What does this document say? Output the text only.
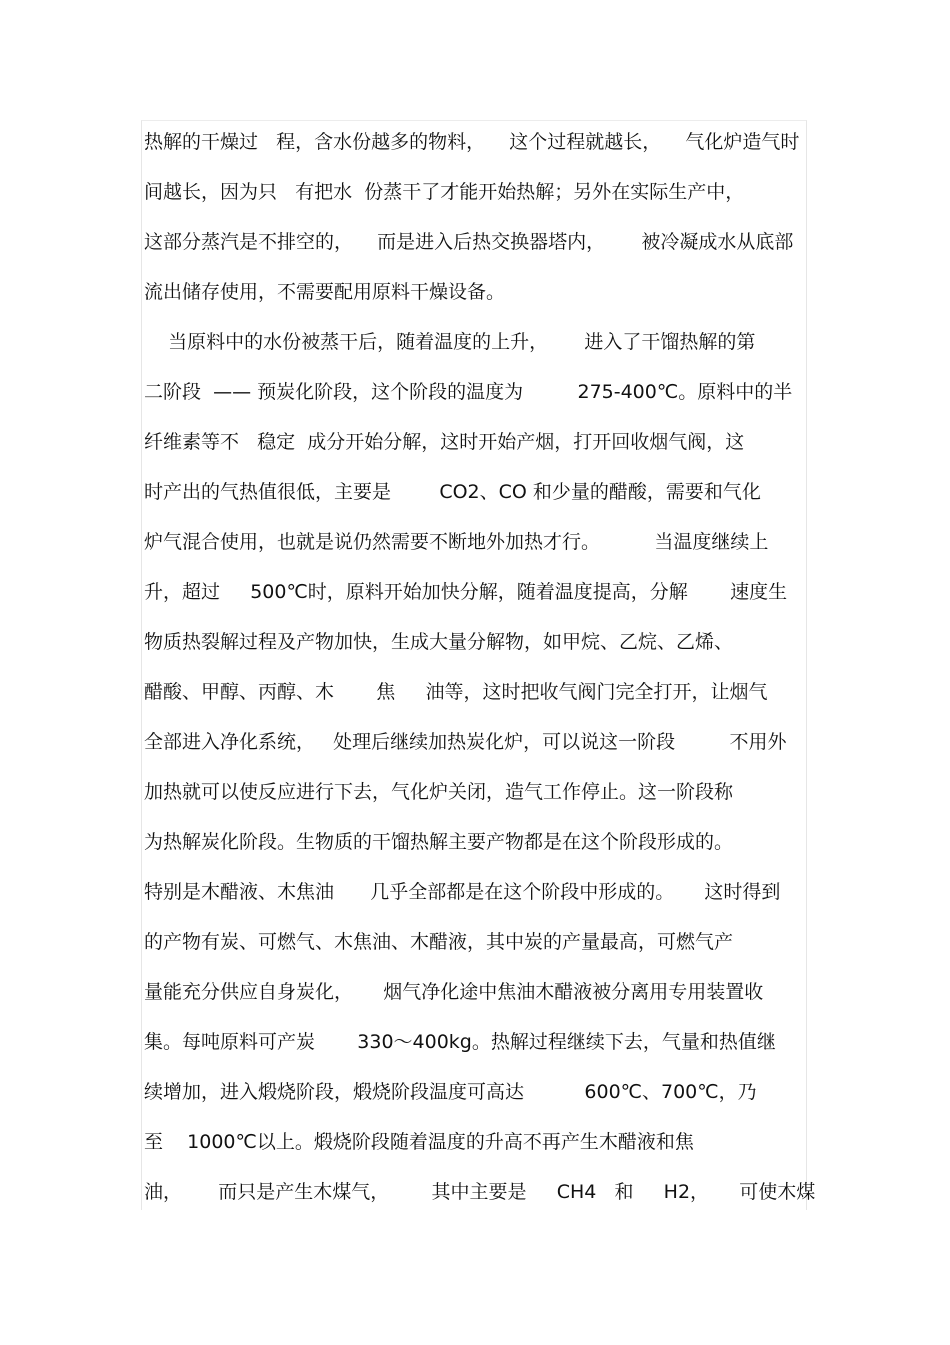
热解的干燥过   程，含水份越多的物料，    这个过程就越长，    气化炉造气时
间越长，因为只   有把水  份蒸干了才能开始热解；另外在实际生产中，
这部分蒸汽是不排空的，    而是进入后热交换器塔内，      被冷凝成水从底部
流出储存使用，不需要配用原料干燥设备。
当原料中的水份被蒸干后，随着温度的上升，      进入了干馏热解的第
二阶段  —— 预炭化阶段，这个阶段的温度为         275-400℃。原料中的半
纤维素等不   稳定  成分开始分解，这时开始产烟，打开回收烟气阀，这
时产出的气热值很低，主要是        CO2、CO 和少量的醋酸，需要和气化
炉气混合使用，也就是说仍然需要不断地外加热才行。         当温度继续上
升，超过     500℃时，原料开始加快分解，随着温度提高，分解       速度生
物质热裂解过程及产物加快，生成大量分解物，如甲烷、乙烷、乙烯、
醋酸、甲醇、丙醇、木       焦     油等，这时把收气阀门完全打开，让烟气
全部进入净化系统，   处理后继续加热炭化炉，可以说这一阶段         不用外
加热就可以使反应进行下去，气化炉关闭，造气工作停止。这一阶段称
为热解炭化阶段。生物质的干馏热解主要产物都是在这个阶段形成的。
特别是木醋液、木焦油      几乎全部都是在这个阶段中形成的。     这时得到
的产物有炭、可燃气、木焦油、木醋液，其中炭的产量最高，可燃气产
量能充分供应自身炭化，     烟气净化途中焦油木醋液被分离用专用装置收
集。每吨原料可产炭       330～400kg。热解过程继续下去，气量和热值继
续增加，进入煅烧阶段，煅烧阶段温度可高达          600℃、700℃，乃
至    1000℃以上。煅烧阶段随着温度的升高不再产生木醋液和焦
油，      而只是产生木煤气，       其中主要是     CH4   和     H2，     可使木煤
